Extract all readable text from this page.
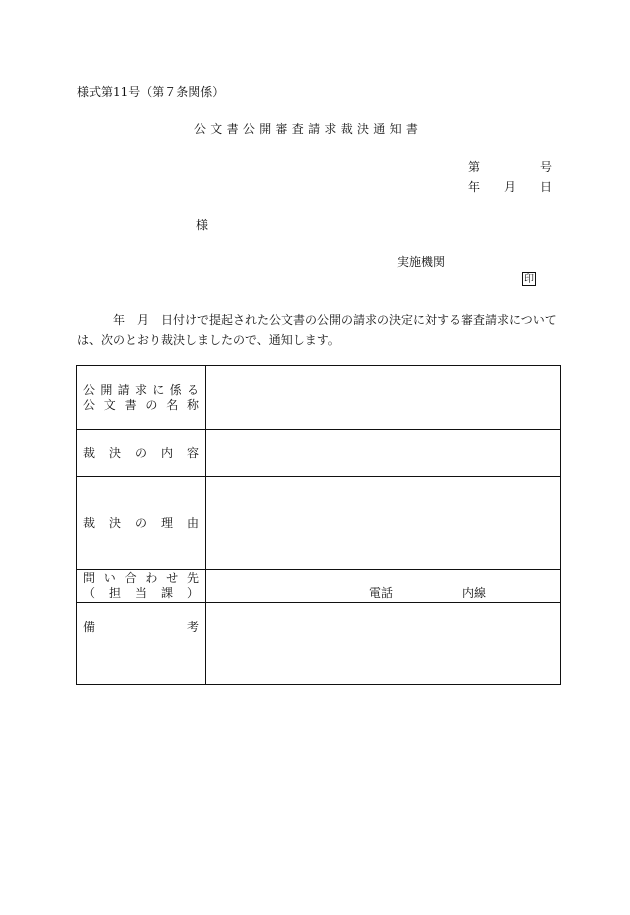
様式第11号（第７条関係）
公文書公開審査請求裁決通知書
第	号
年 月 日
様
実施機関
印
年 月 日付けで提起された公文書の公開の請求の決定に対する審査請求について
は、次のとおり裁決しましたので、通知します。
公開請求に係る
公文書の名称	

裁決の内容	

裁決の理由	

問い合わせ先
（担当課）	電話 内線

備考	
